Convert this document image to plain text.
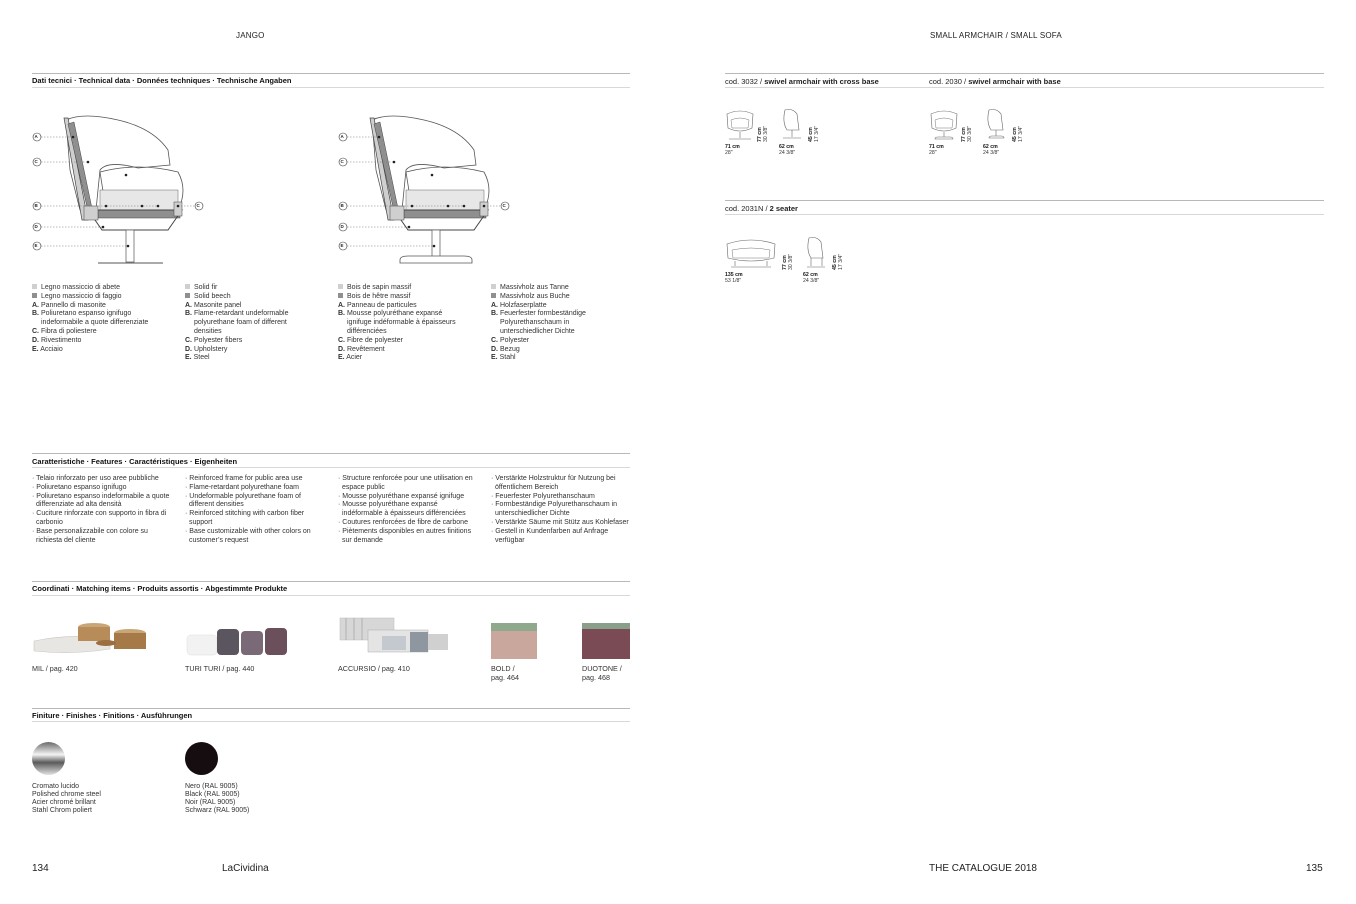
JANGO	SMALL ARMCHAIR / SMALL SOFA
Dati tecnici · Technical data · Données techniques · Technische Angaben
A
C
B
D
E
C
A
C
B
D
E
C
Legno massiccio di abete
Legno massiccio di faggio
A. Pannello di masonite
B. Poliuretano espanso ignifugo
indeformabile a quote differenziate
C. Fibra di poliestere
D. Rivestimento
E. Acciaio
Solid fir
Solid beech
A. Masonite panel
B. Flame-retardant undeformable
polyurethane foam of different
densities
C. Polyester fibers
D. Upholstery
E. Steel
Bois de sapin massif
Bois de hêtre massif
A. Panneau de particules
B. Mousse polyuréthane expansé
ignifuge indéformable à épaisseurs
différenciées
C. Fibre de polyester
D. Revêtement
E. Acier
Massivholz aus Tanne
Massivholz aus Buche
A. Holzfaserplatte
B. Feuerfester formbeständige
Polyurethanschaum in
unterschiedlicher Dichte
C. Polyester
D. Bezug
E. Stahl
Caratteristiche · Features · Caractéristiques · Eigenheiten
· Telaio rinforzato per uso aree pubbliche
· Poliuretano espanso ignifugo
· Poliuretano espanso indeformabile a quote differenziate ad alta densità
· Cuciture rinforzate con supporto in fibra di carbonio
· Base personalizzabile con colore su richiesta del cliente
· Reinforced frame for public area use
· Flame-retardant polyurethane foam
· Undeformable polyurethane foam of different densities
· Reinforced stitching with carbon fiber support
· Base customizable with other colors on customer’s request
· Structure renforcée pour une utilisation en espace public
· Mousse polyuréthane expansé ignifuge
· Mousse polyuréthane expansé indéformable à épaisseurs différenciées
· Coutures renforcées de fibre de carbone
· Piètements disponibles en autres finitions sur demande
· Verstärkte Holzstruktur für Nutzung bei öffentlichem Bereich
· Feuerfester Polyurethanschaum
· Formbeständige Polyurethanschaum in unterschiedlicher Dichte
· Verstärkte Säume mit Stütz aus Kohlefaser
· Gestell in Kundenfarben auf Anfrage verfügbar
Coordinati · Matching items · Produits assortis · Abgestimmte Produkte
MIL / pag. 420	TURI TURI / pag. 440	ACCURSIO / pag. 410	BOLD /
pag. 464
DUOTONE /
pag. 468
Finiture · Finishes · Finitions · Ausführungen
Cromato lucido
Polished chrome steel
Acier chromé brillant
Stahl Chrom poliert
Nero (RAL 9005)
Black (RAL 9005)
Noir (RAL 9005)
Schwarz (RAL 9005)
cod. 3032 / swivel armchair with cross base	cod. 2030 / swivel armchair with base
77 cm
30 3/8"	45 cm
17 3/4"
71 cm
28"
62 cm
24 3/8"
77 cm
30 3/8"	45 cm
17 3/4"
71 cm
28"
62 cm
24 3/8"
cod. 2031N / 2 seater
77 cm
30 3/8"	45 cm
17 3/4"
135 cm
53 1/8"
62 cm
24 3/8"
134	LaCividina	THE CATALOGUE 2018	135
